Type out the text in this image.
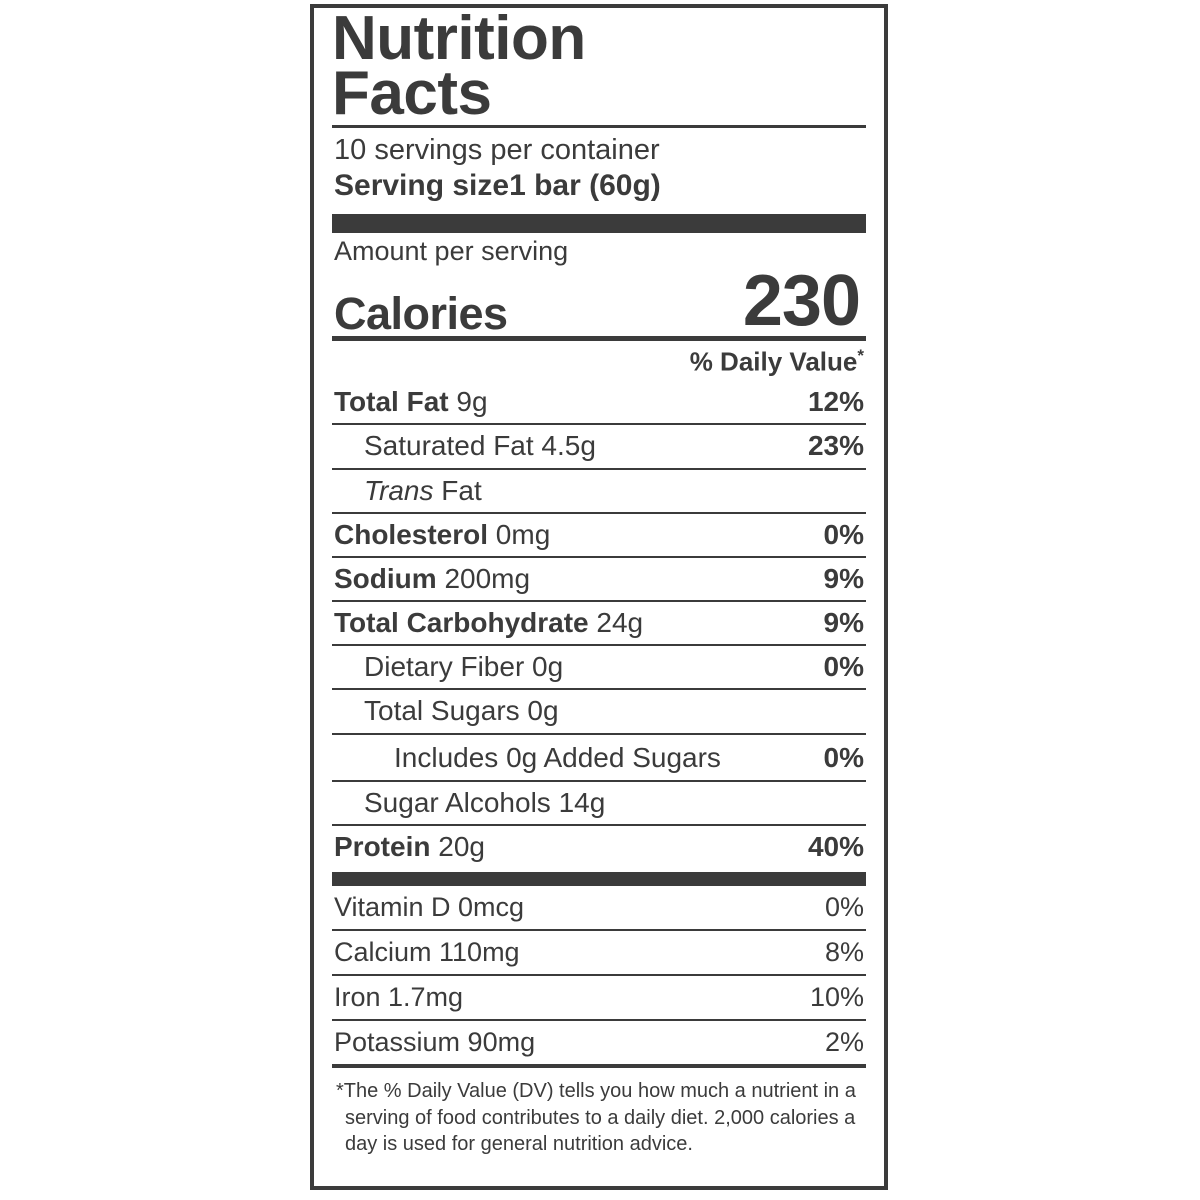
Nutrition
Facts
10 servings per container
Serving size 1 bar (60g)
Amount per serving
Calories	230
% Daily Value*
Total Fat 9g	12%
Saturated Fat 4.5g	23%
Trans Fat
Cholesterol 0mg	0%
Sodium 200mg	9%
Total Carbohydrate 24g	9%
Dietary Fiber 0g	0%
Total Sugars 0g
Includes 0g Added Sugars	0%
Sugar Alcohols 14g
Protein 20g	40%
Vitamin D 0mcg	0%
Calcium 110mg	8%
Iron 1.7mg	10%
Potassium 90mg	2%
*The % Daily Value (DV) tells you how much a nutrient in a serving of food contributes to a daily diet. 2,000 calories a day is used for general nutrition advice.
